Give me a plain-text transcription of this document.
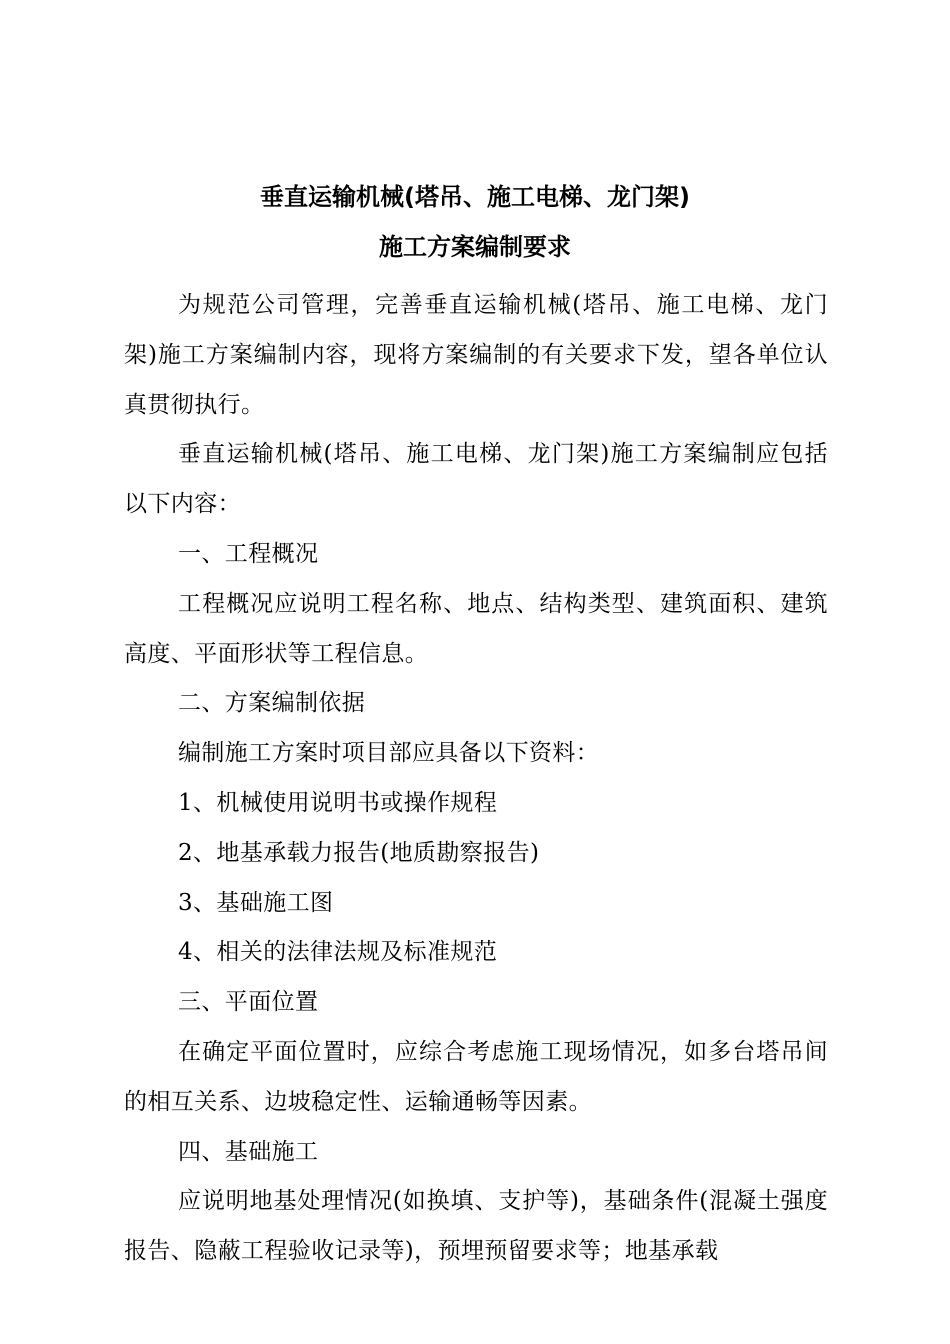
垂直运输机械(塔吊、施工电梯、龙门架)
施工方案编制要求

为规范公司管理，完善垂直运输机械(塔吊、施工电梯、龙门架)施工方案编制内容，现将方案编制的有关要求下发，望各单位认真贯彻执行。

垂直运输机械(塔吊、施工电梯、龙门架)施工方案编制应包括以下内容：

一、工程概况

工程概况应说明工程名称、地点、结构类型、建筑面积、建筑高度、平面形状等工程信息。

二、方案编制依据

编制施工方案时项目部应具备以下资料：

1、机械使用说明书或操作规程

2、地基承载力报告(地质勘察报告)

3、基础施工图

4、相关的法律法规及标准规范

三、平面位置

在确定平面位置时，应综合考虑施工现场情况，如多台塔吊间的相互关系、边坡稳定性、运输通畅等因素。

四、基础施工

应说明地基处理情况(如换填、支护等)，基础条件(混凝土强度报告、隐蔽工程验收记录等)，预埋预留要求等；地基承载
